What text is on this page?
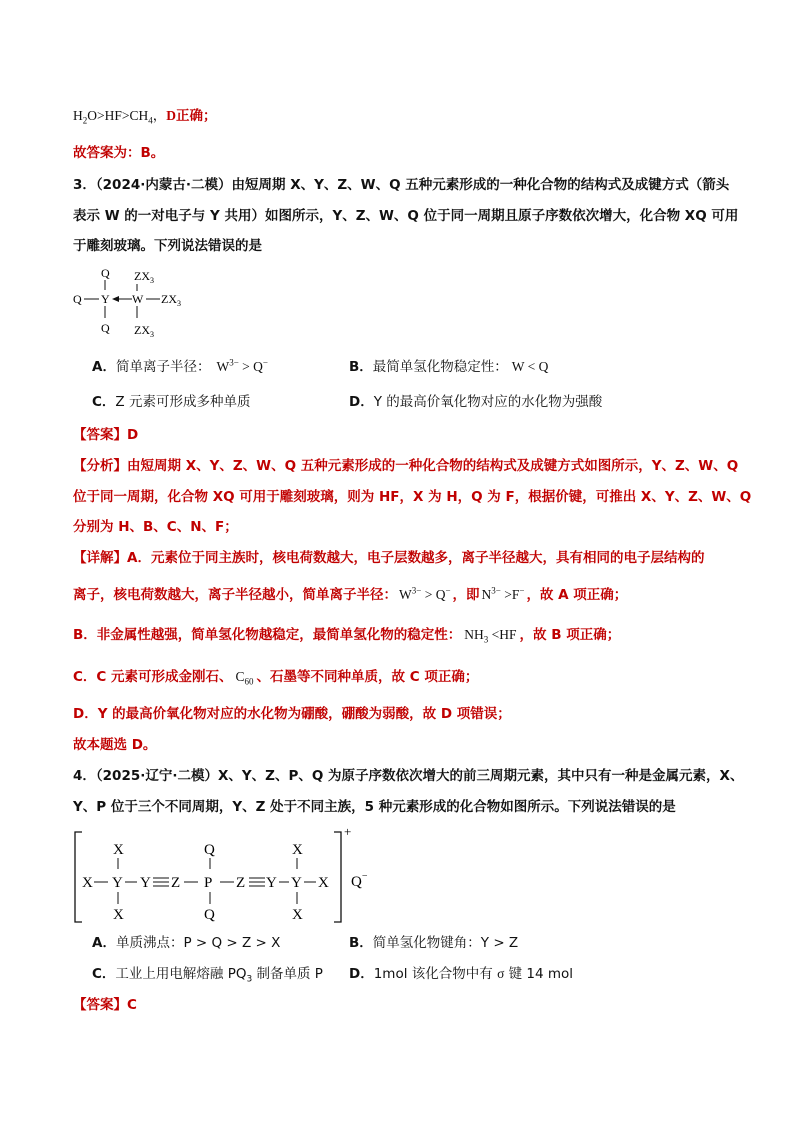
$H_2O>HF>CH_4$，D正确；
故答案为：B。
3．（2024·内蒙古·二模）由短周期 X、Y、Z、W、Q 五种元素形成的一种化合物的结构式及成键方式（箭头
表示 W 的一对电子与 Y 共用）如图所示，Y、Z、W、Q 位于同一周期且原子序数依次增大，化合物 XQ 可用
于雕刻玻璃。下列说法错误的是
Q
Q Y W $ZX_3$
Q
$ZX_3$
$ZX_3$
A．简单离子半径： $W^{3-} > Q^-$	B．最简单氢化物稳定性： W < Q
C．Z 元素可形成多种单质	D．Y 的最高价氧化物对应的水化物为强酸
【答案】D
【分析】由短周期 X、Y、Z、W、Q 五种元素形成的一种化合物的结构式及成键方式如图所示，Y、Z、W、Q
位于同一周期，化合物 XQ 可用于雕刻玻璃，则为 HF，X 为 H，Q 为 F，根据价键，可推出 X、Y、Z、W、Q
分别为 H、B、C、N、F；
【详解】A．元素位于同主族时，核电荷数越大，电子层数越多，离子半径越大，具有相同的电子层结构的
离子，核电荷数越大，离子半径越小，简单离子半径： $W^{3-} > Q^-$ ，即 $N^{3-} >F^-$ ，故 A 项正确；
B．非金属性越强，简单氢化物越稳定，最简单氢化物的稳定性： $NH_3 <HF$ ，故 B 项正确；
C．C 元素可形成金刚石、 $C_{60}$ 、石墨等不同种单质，故 C 项正确；
D．Y 的最高价氧化物对应的水化物为硼酸，硼酸为弱酸，故 D 项错误；
故本题选 D。
4．（2025·辽宁·二模）X、Y、Z、P、Q 为原子序数依次增大的前三周期元素，其中只有一种是金属元素，X、
Y、P 位于三个不同周期，Y、Z 处于不同主族，5 种元素形成的化合物如图所示。下列说法错误的是
+
Q−
X	Q	X
X Y Y Z P Z Y Y X
X	Q	X
A．单质沸点：P > Q > Z > X	B．简单氢化物键角：Y > Z
C．工业上用电解熔融 $PQ_3$ 制备单质 P D．1mol 该化合物中有 σ 键 14 mol
【答案】C
